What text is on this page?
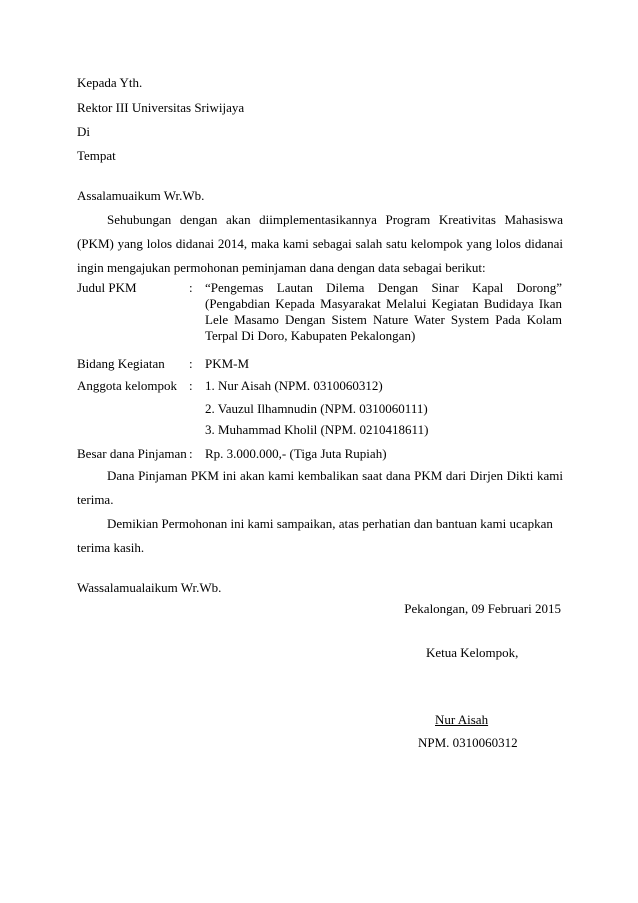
Kepada Yth.
Rektor III Universitas Sriwijaya
Di
Tempat
Assalamuaikum Wr.Wb.
Sehubungan dengan akan diimplementasikannya Program Kreativitas Mahasiswa
(PKM) yang lolos didanai 2014, maka kami sebagai salah satu kelompok yang lolos didanai
ingin mengajukan permohonan peminjaman dana dengan data sebagai berikut:
Judul PKM	: “Pengemas Lautan Dilema Dengan Sinar Kapal Dorong”
(Pengabdian Kepada Masyarakat Melalui Kegiatan Budidaya Ikan
Lele Masamo Dengan Sistem Nature Water System Pada Kolam
Terpal Di Doro, Kabupaten Pekalongan)
Bidang Kegiatan : PKM-M
Anggota kelompok : 1. Nur Aisah (NPM. 0310060312)
2. Vauzul Ilhamnudin (NPM. 0310060111)
3. Muhammad Kholil (NPM. 0210418611)
Besar dana Pinjaman : Rp. 3.000.000,- (Tiga Juta Rupiah)
Dana Pinjaman PKM ini akan kami kembalikan saat dana PKM dari Dirjen Dikti kami
terima.
Demikian Permohonan ini kami sampaikan, atas perhatian dan bantuan kami ucapkan
terima kasih.
Wassalamualaikum Wr.Wb.
Pekalongan, 09 Februari 2015
Ketua Kelompok,
Nur Aisah
NPM. 0310060312
